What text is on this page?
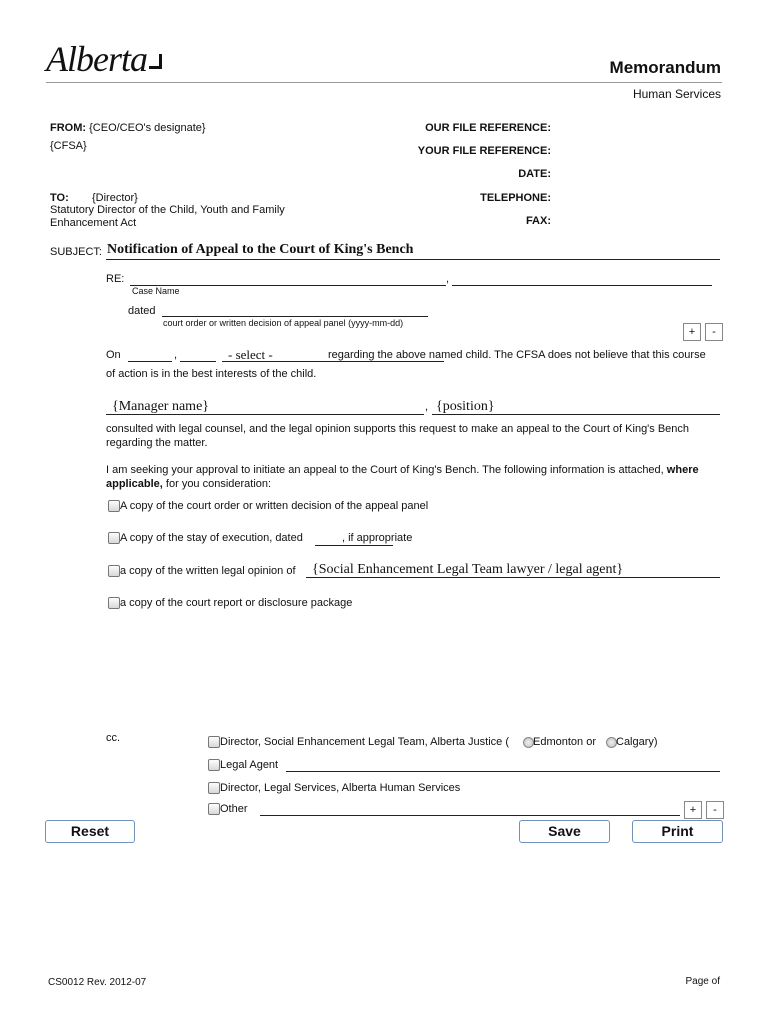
Alberta	Memorandum
Human Services
FROM: {CEO/CEO's designate}
{CFSA}
TO: {Director}
Statutory Director of the Child, Youth and Family
Enhancement Act
OUR FILE REFERENCE:
YOUR FILE REFERENCE:
DATE:
TELEPHONE:
FAX:
SUBJECT: Notification of Appeal to the Court of King's Bench
RE:	,
Case Name
dated
court order or written decision of appeal panel (yyyy-mm-dd)
+	-
On	,	- select -	regarding the above named child. The CFSA does not believe that this course
of action is in the best interests of the child.
{Manager name}	, {position}
consulted with legal counsel, and the legal opinion supports this request to make an appeal to the Court of King's Bench
regarding the matter.
I am seeking your approval to initiate an appeal to the Court of King's Bench. The following information is attached, where
applicable, for you consideration:
A copy of the court order or written decision of the appeal panel
A copy of the stay of execution, dated	, if appropriate
a copy of the written legal opinion of {Social Enhancement Legal Team lawyer / legal agent}
a copy of the court report or disclosure package
cc.	Director, Social Enhancement Legal Team, Alberta Justice ( Edmonton or Calgary)
Legal Agent
Director, Legal Services, Alberta Human Services
Other	+	-
Reset	Save	Print
CS0012 Rev. 2012-07	Page of
